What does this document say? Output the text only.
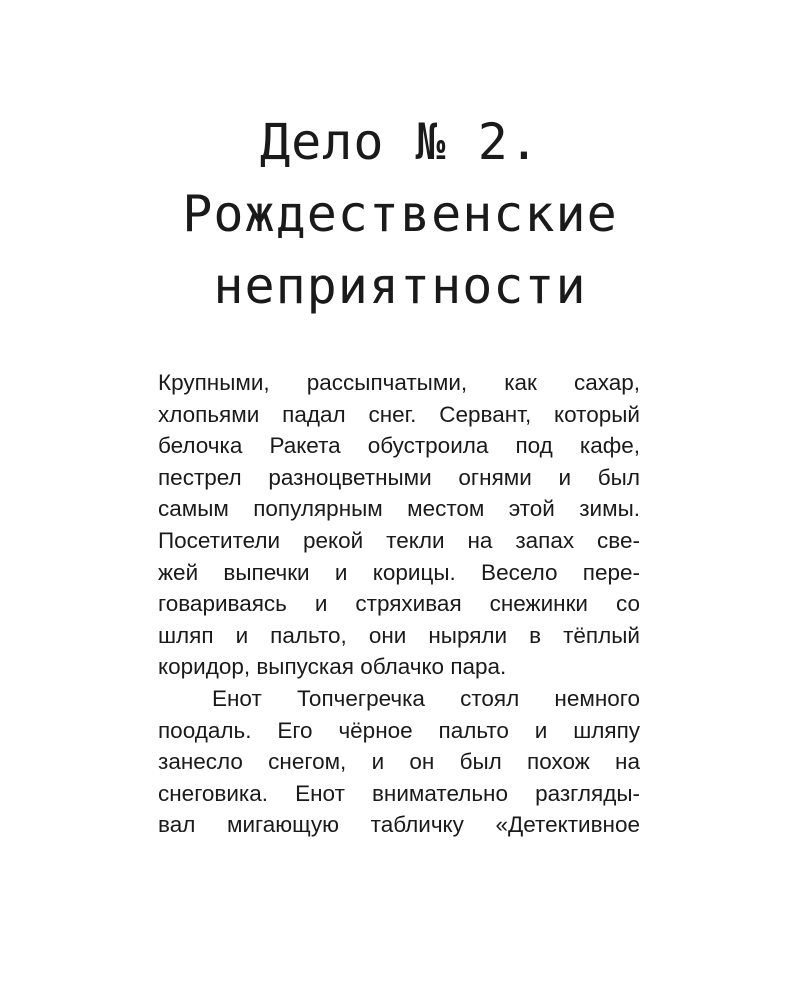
Дело № 2.
Рождественские
неприятности
Крупными, рассыпчатыми, как сахар,
хлопьями падал снег. Сервант, который
белочка Ракета обустроила под кафе,
пестрел разноцветными огнями и был
самым популярным местом этой зимы.
Посетители рекой текли на запах све-
жей выпечки и корицы. Весело пере-
говариваясь и стряхивая снежинки со
шляп и пальто, они ныряли в тёплый
коридор, выпуская облачко пара.
Енот Топчегречка стоял немного
поодаль. Его чёрное пальто и шляпу
занесло снегом, и он был похож на
снеговика. Енот внимательно разгляды-
вал мигающую табличку «Детективное
